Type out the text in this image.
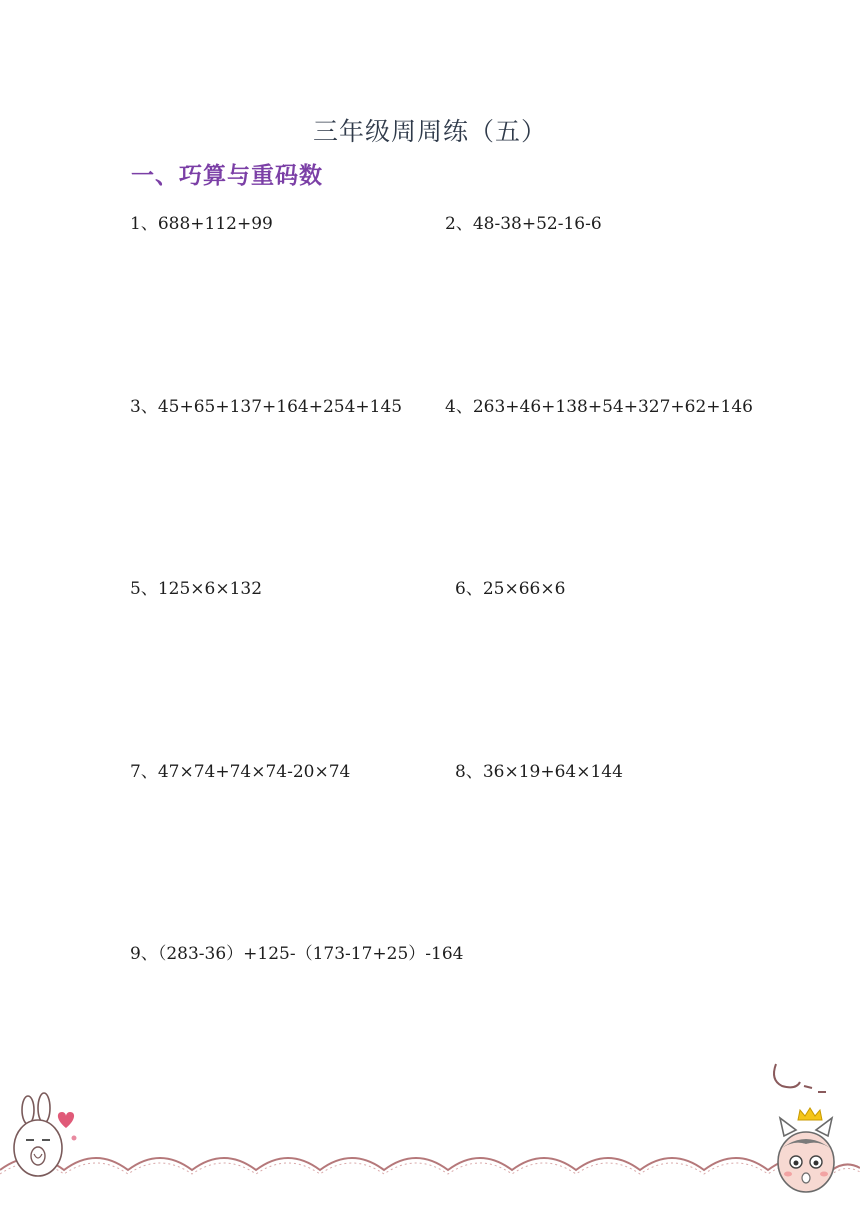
三年级周周练（五）
一、巧算与重码数
1、688+112+99	2、48-38+52-16-6
3、45+65+137+164+254+145	4、263+46+138+54+327+62+146
5、125×6×132	6、25×66×6
7、47×74+74×74-20×74	8、36×19+64×144
9、（283-36）+125-（173-17+25）-164
